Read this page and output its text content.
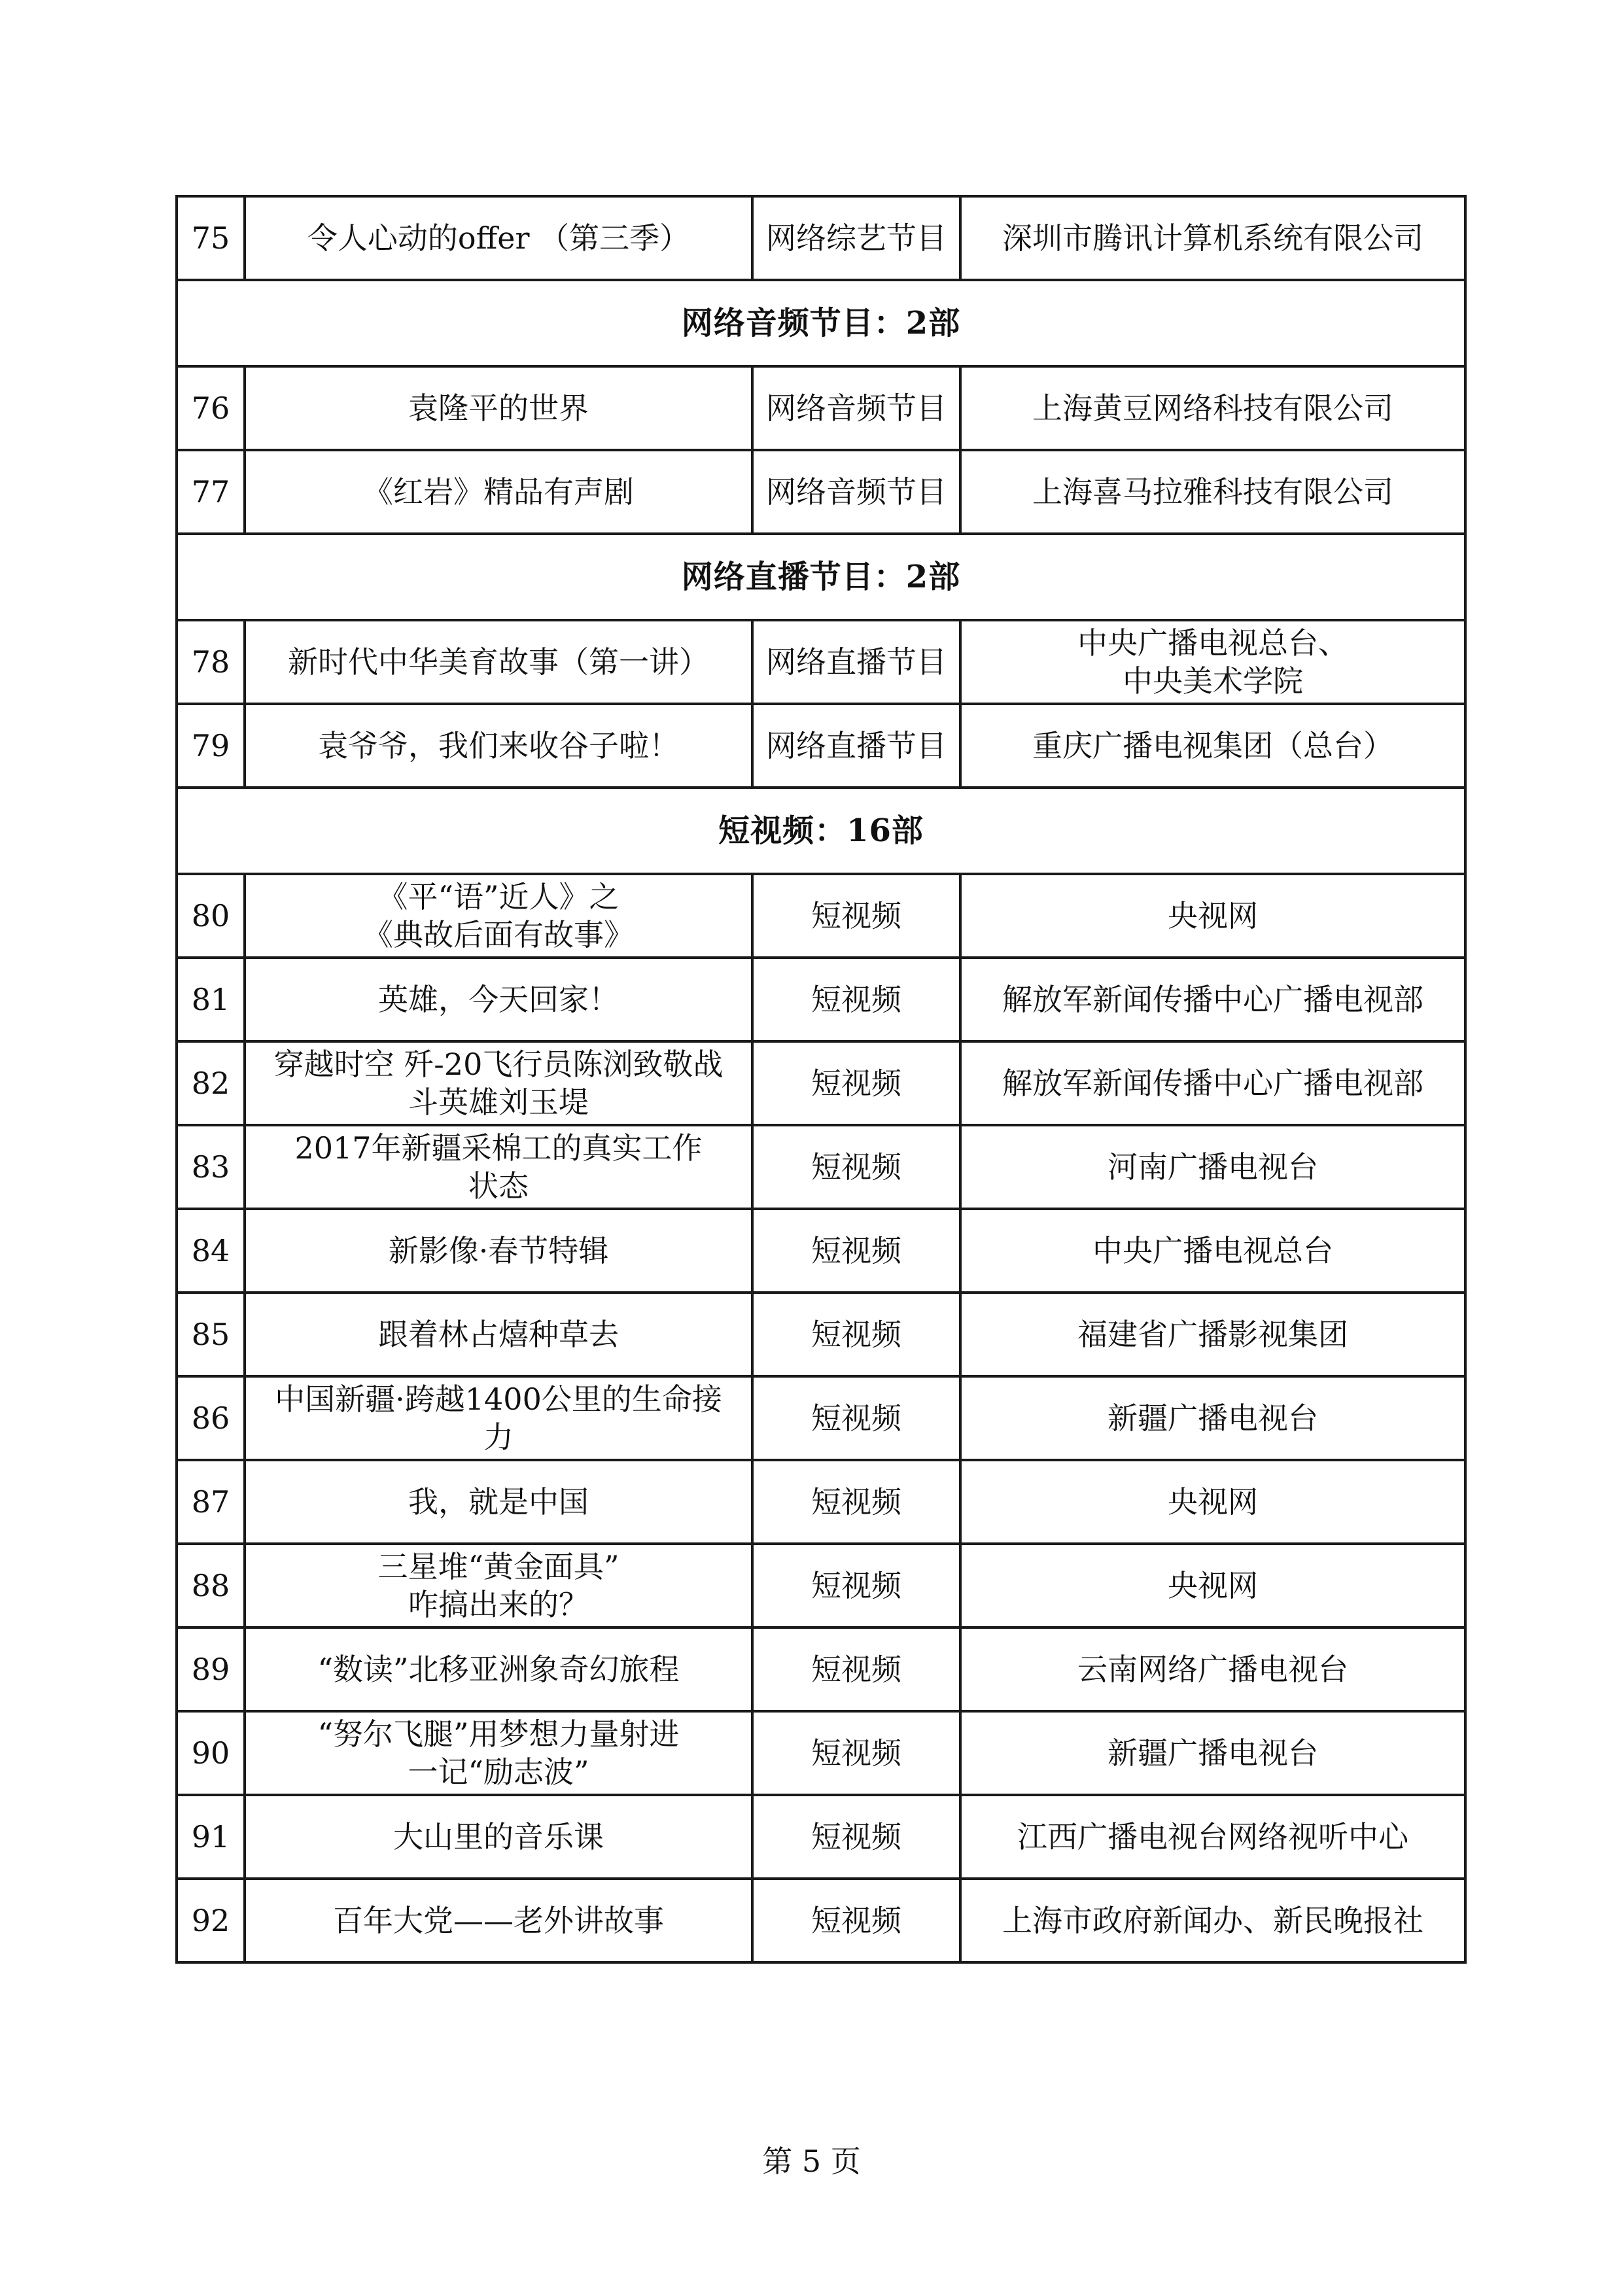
75	令人心动的offer （第三季）	网络综艺节目	深圳市腾讯计算机系统有限公司

网络音频节目：2部			
76	袁隆平的世界	网络音频节目	上海黄豆网络科技有限公司

77	《红岩》精品有声剧	网络音频节目	上海喜马拉雅科技有限公司

网络直播节目：2部			
78	新时代中华美育故事（第一讲）	网络直播节目	中央广播电视总台、
中央美术学院

79	袁爷爷，我们来收谷子啦！	网络直播节目	重庆广播电视集团（总台）

短视频：16部			
80	《平“语”近人》之
《典故后面有故事》	短视频	央视网

81	英雄，今天回家！	短视频	解放军新闻传播中心广播电视部

82	穿越时空 歼-20飞行员陈浏致敬战
斗英雄刘玉堤	短视频	解放军新闻传播中心广播电视部

83	2017年新疆采棉工的真实工作
状态	短视频	河南广播电视台

84	新影像·春节特辑	短视频	中央广播电视总台

85	跟着林占熺种草去	短视频	福建省广播影视集团

86	中国新疆·跨越1400公里的生命接
力	短视频	新疆广播电视台

87	我，就是中国	短视频	央视网

88	三星堆“黄金面具”
咋搞出来的？	短视频	央视网

89	“数读”北移亚洲象奇幻旅程	短视频	云南网络广播电视台

90	“努尔飞腿”用梦想力量射进
一记“励志波”	短视频	新疆广播电视台

91	大山里的音乐课	短视频	江西广播电视台网络视听中心

92	百年大党——老外讲故事	短视频	上海市政府新闻办、新民晚报社
第 5 页
